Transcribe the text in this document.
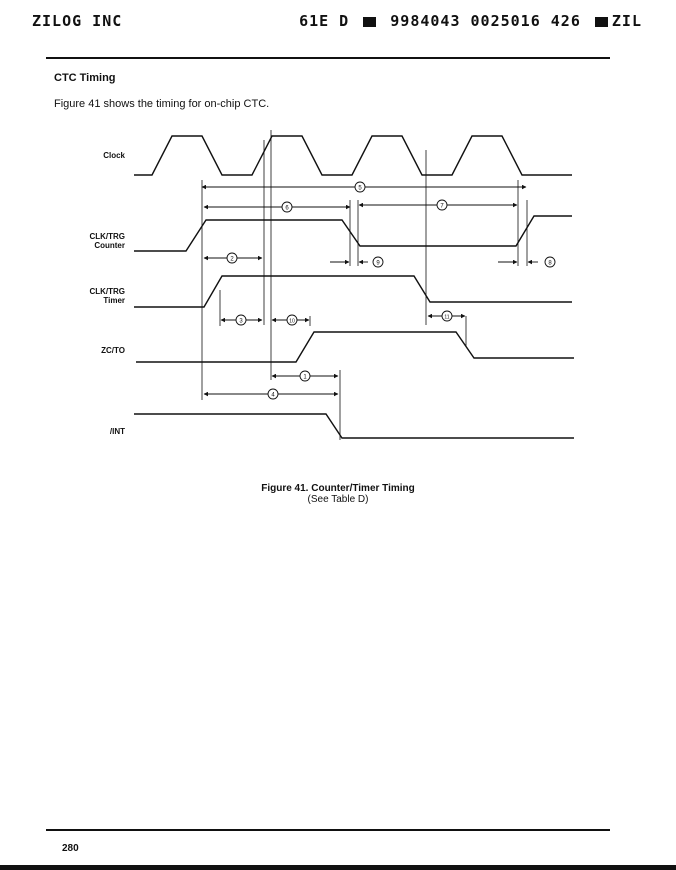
ZILOG INC	61E D	9984043 0025016 426 ZIL
CTC Timing
Figure 41 shows the timing for on-chip CTC.
5
6	7
2
9	8
3	10
11
1
4
Clock
CLK/TRG
Counter
CLK/TRG
Timer
ZC/TO
/INT
Figure 41. Counter/Timer Timing
(See Table D)
280
